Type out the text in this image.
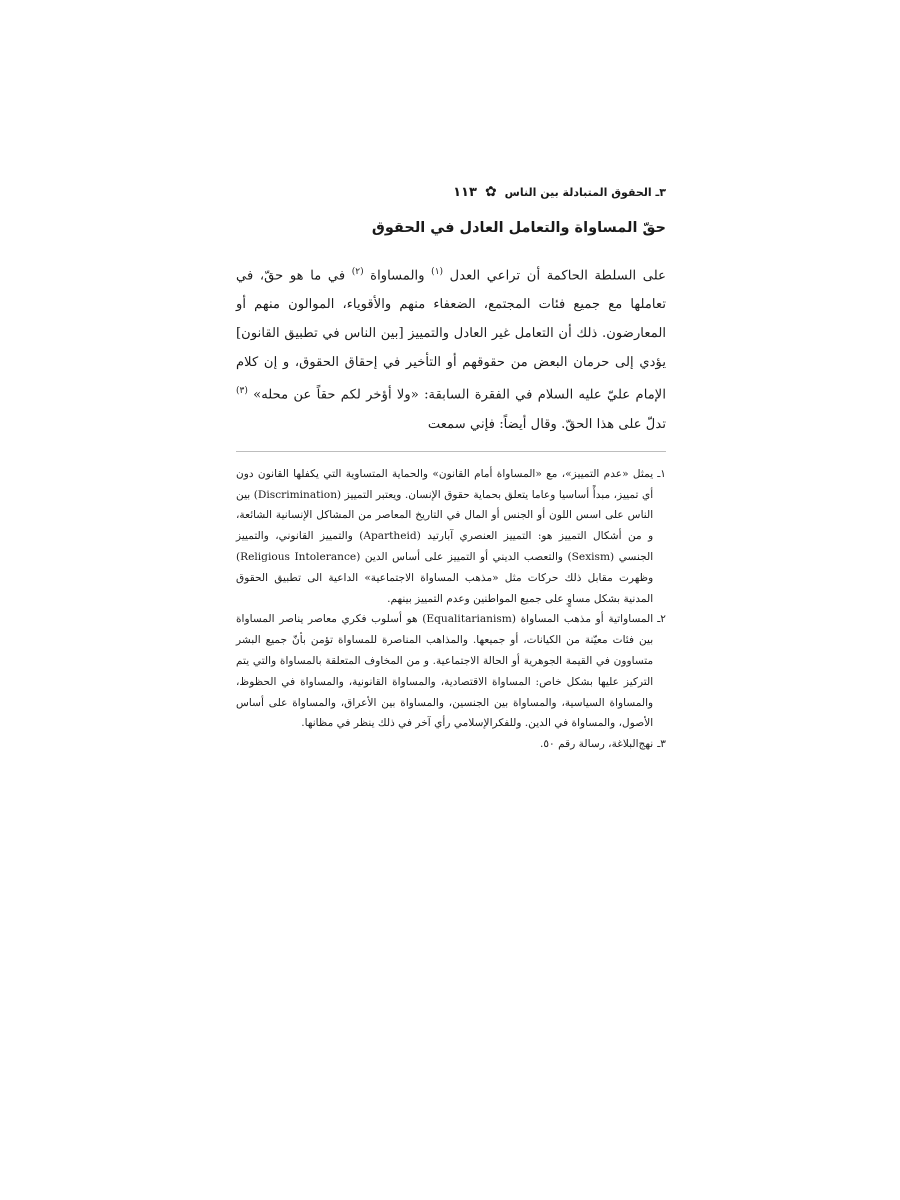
٣ـ الحقوق المتبادلة بين الناس
✿
١١٣
حقّ المساواة والتعامل العادل في الحقوق

على السلطة الحاكمة أن تراعي العدل $^{(١)}$ والمساواة $^{(٢)}$ في ما هو حقّ، في تعاملها مع جميع فئات المجتمع، الضعفاء منهم والأقوياء، الموالون منهم أو المعارضون. ذلك أن التعامل غير العادل والتمييز [بين الناس في تطبيق القانون] يؤدي إلى حرمان البعض من حقوقهم أو التأخير في إحقاق الحقوق، و إن كلام الإمام عليّ عليه السلام في الفقرة السابقة: «ولا أؤخر لكم حقاً عن محله» $^{(٣)}$ تدلّ على هذا الحقّ. وقال أيضاً: فإني سمعت

١ـ
يمثل «عدم التمييز»، مع «المساواة أمام القانون» والحماية المتساوية التي يكفلها القانون دون أي تمييز، مبدأً أساسيا وعاما يتعلق بحماية حقوق الإنسان. ويعتبر التمييز (Discrimination) بين الناس على اسس اللون أو الجنس أو المال في التاريخ المعاصر من المشاكل الإنسانية الشائعة، و من أشكال التمييز هو: التمييز العنصري آبارتيد (Apartheid) والتمييز القانوني، والتمييز الجنسي (Sexism) والتعصب الديني أو التمييز على أساس الدين (Religious Intolerance) وظهرت مقابل ذلك حركات مثل «مذهب المساواة الاجتماعية» الداعية الى تطبيق الحقوق المدنية بشكل مساوٍ على جميع المواطنين وعدم التمييز بينهم.
٢ـ
المساواتية أو مذهب المساواة (Equalitarianism) هو أسلوب فكري معاصر يناصر المساواة بين فئات معيّنة من الكيانات، أو جميعها. والمذاهب المناصرة للمساواة تؤمن بأنّ جميع البشر متساوون في القيمة الجوهرية أو الحالة الاجتماعية. و من المخاوف المتعلقة بالمساواة والتي يتم التركيز عليها بشكل خاص: المساواة الاقتصادية، والمساواة القانونية، والمساواة في الحظوظ، والمساواة السياسية، والمساواة بين الجنسين، والمساواة بين الأعراق، والمساواة على أساس الأصول، والمساواة في الدين. وللفكرالإسلامي رأي آخر في ذلك ينظر في مظانها.
٣ـ
نهج‌البلاغة، رسالة رقم ٥٠.
